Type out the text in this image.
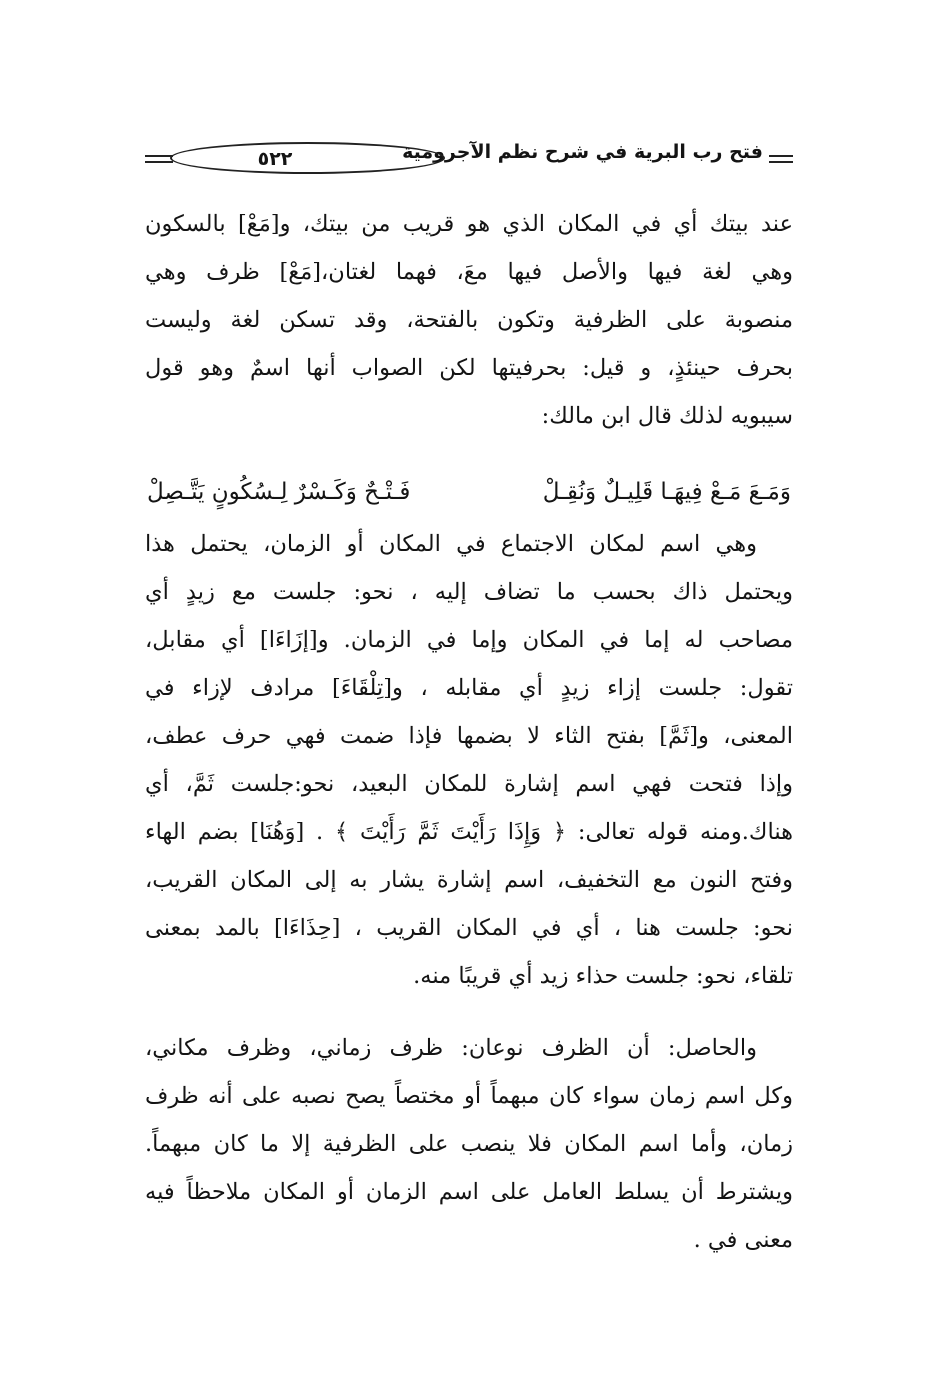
فتح رب البرية في شرح نظم الآجرومية
٥٢٢
عند بيتك أي في المكان الذي هو قريب من بيتك، و[مَعْ] بالسكون
وهي لغة فيها والأصل فيها معَ، فهما لغتان،[مَعْ] ظرف وهي
منصوبة على الظرفية وتكون بالفتحة، وقد تسكن لغة وليست
بحرف حينئذٍ، و قيل: بحرفيتها لكن الصواب أنها اسمٌ وهو قول
سيبويه لذلك قال ابن مالك:
وَمَـعَ مَـعْ فِيهَـا قَلِيـلٌ وَنُقِـلْ
فَـتْـحٌ وَكَـسْرٌ لِـسُكُونٍ يَتَّـصِلْ
وهي اسم لمكان الاجتماع في المكان أو الزمان، يحتمل هذا
ويحتمل ذاك بحسب ما تضاف إليه ، نحو: جلست مع زيدٍ أي
مصاحب له إما في المكان وإما في الزمان. و[إزَاءَا] أي مقابل،
تقول: جلست إزاء زيدٍ أي مقابله ، و[تِلْقَاءَ] مرادف لإزاء في
المعنى، و[ثَمَّ] بفتح الثاء لا بضمها فإذا ضمت فهي حرف عطف،
وإذا فتحت فهي اسم إشارة للمكان البعيد، نحو:جلست ثَمَّ، أي
هناك.ومنه قوله تعالى: ﴿ وَإِذَا رَأَيْتَ ثَمَّ رَأَيْتَ ﴾ . [وَهُنَا] بضم الهاء
وفتح النون مع التخفيف، اسم إشارة يشار به إلى المكان القريب،
نحو: جلست هنا ، أي في المكان القريب ، [حِذَاءَا] بالمد بمعنى
تلقاء، نحو: جلست حذاء زيد أي قريبًا منه.
والحاصل: أن الظرف نوعان: ظرف زماني، وظرف مكاني،
وكل اسم زمان سواء كان مبهماً أو مختصاً يصح نصبه على أنه ظرف
زمان، وأما اسم المكان فلا ينصب على الظرفية إلا ما كان مبهماً.
ويشترط أن يسلط العامل على اسم الزمان أو المكان ملاحظاً فيه
معنى في .
